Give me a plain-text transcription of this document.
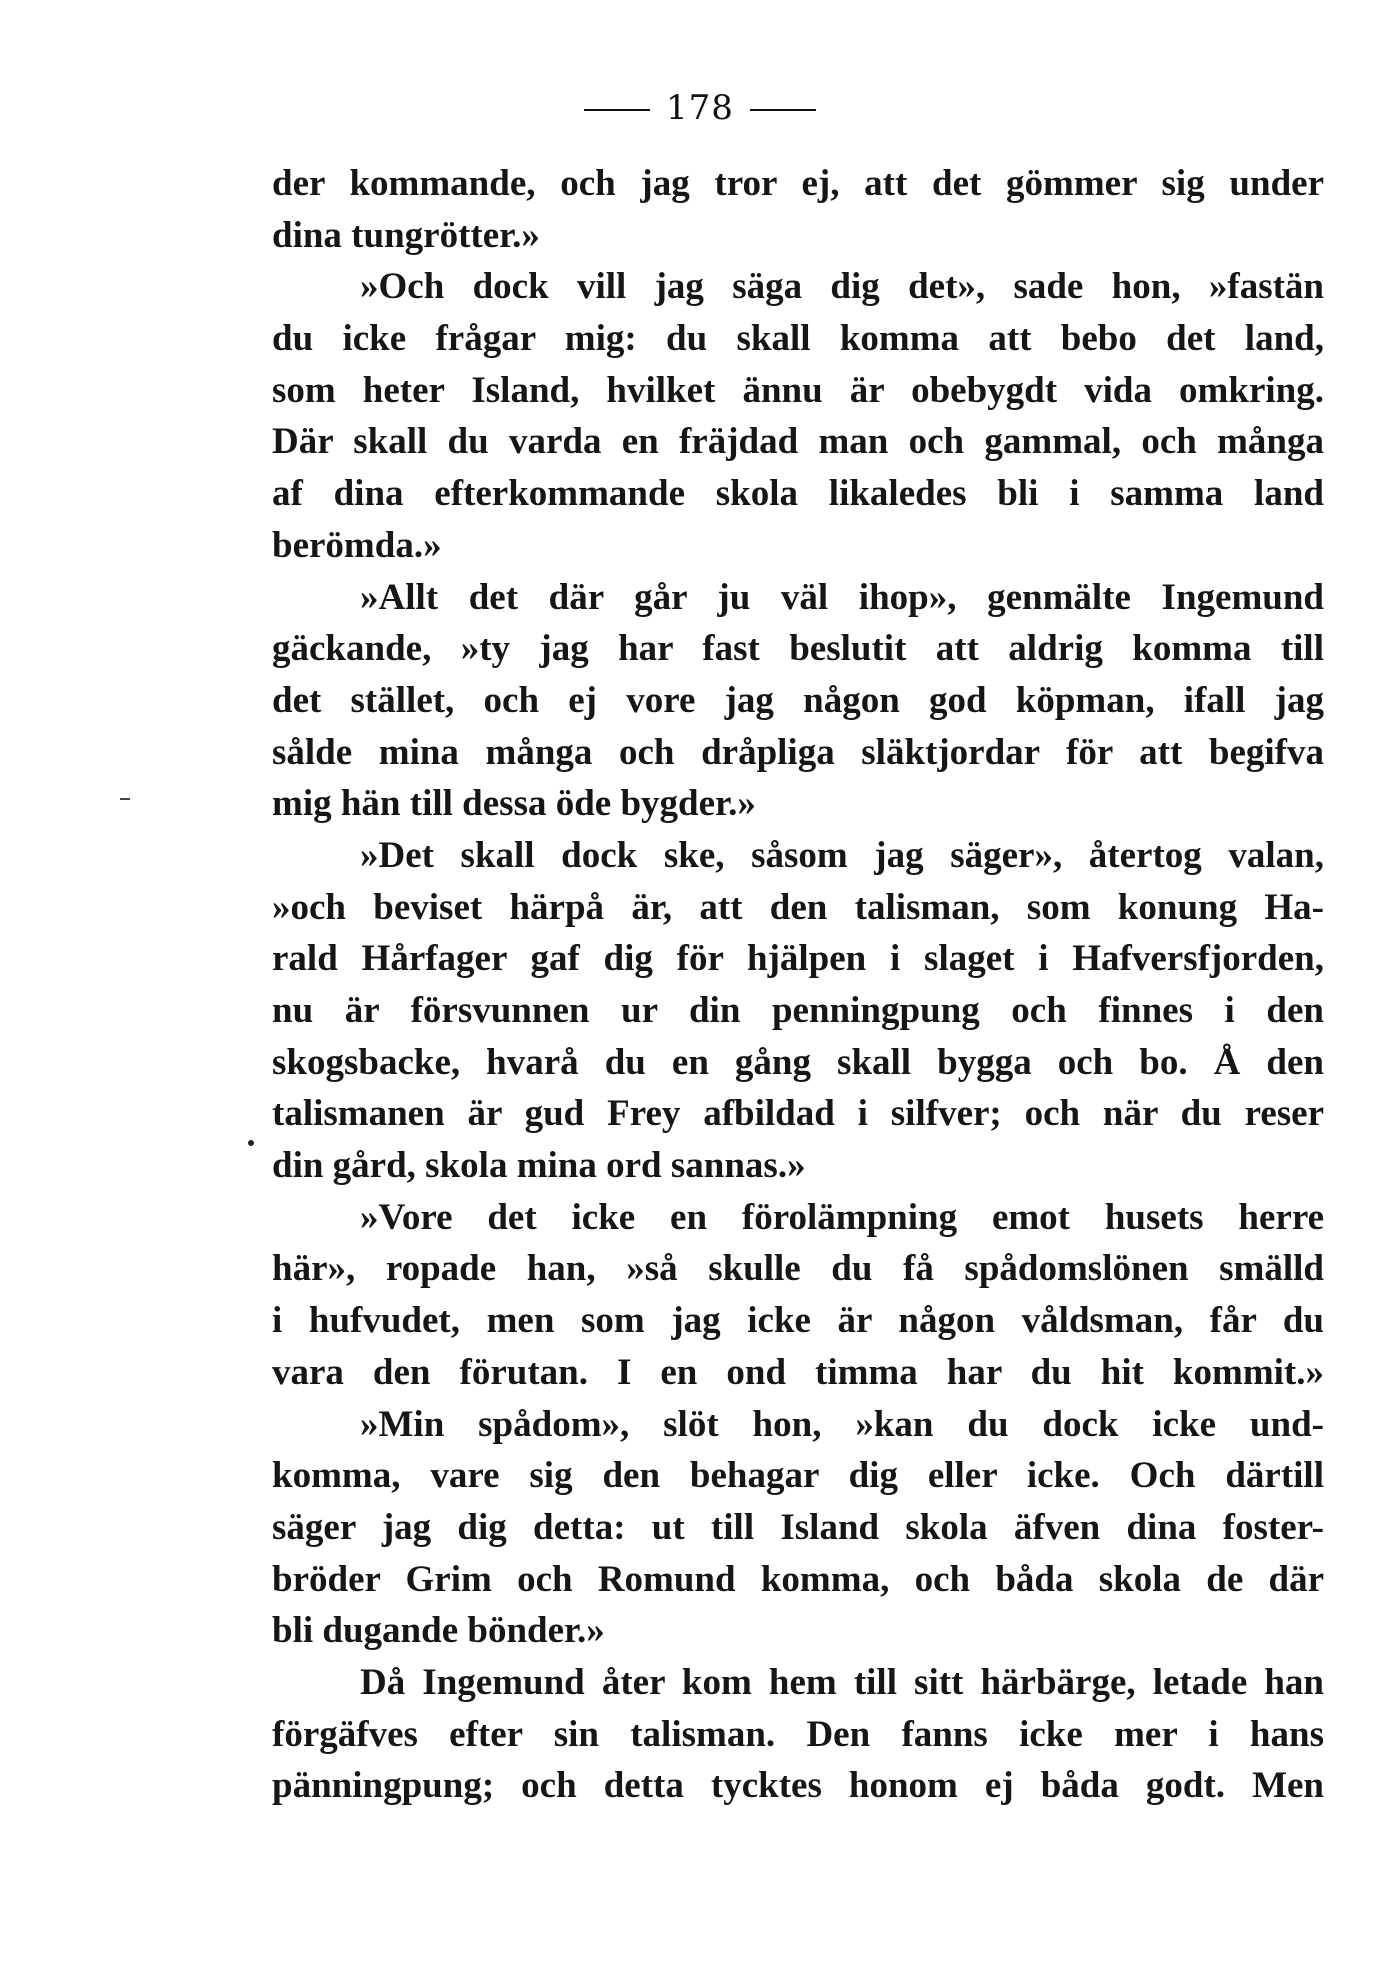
178
der kommande, och jag tror ej, att det gömmer sig under
dina tungrötter.»
»Och dock vill jag säga dig det», sade hon, »fastän
du icke frågar mig: du skall komma att bebo det land,
som heter Island, hvilket ännu är obebygdt vida omkring.
Där skall du varda en fräjdad man och gammal, och många
af dina efterkommande skola likaledes bli i samma land
berömda.»
»Allt det där går ju väl ihop», genmälte Ingemund
gäckande, »ty jag har fast beslutit att aldrig komma till
det stället, och ej vore jag någon god köpman, ifall jag
sålde mina många och dråpliga släktjordar för att begifva
mig hän till dessa öde bygder.»
»Det skall dock ske, såsom jag säger», återtog valan,
»och beviset härpå är, att den talisman, som konung Ha-
rald Hårfager gaf dig för hjälpen i slaget i Hafversfjorden,
nu är försvunnen ur din penningpung och finnes i den
skogsbacke, hvarå du en gång skall bygga och bo. Å den
talismanen är gud Frey afbildad i silfver; och när du reser
din gård, skola mina ord sannas.»
»Vore det icke en förolämpning emot husets herre
här», ropade han, »så skulle du få spådomslönen smälld
i hufvudet, men som jag icke är någon våldsman, får du
vara den förutan. I en ond timma har du hit kommit.»
»Min spådom», slöt hon, »kan du dock icke und-
komma, vare sig den behagar dig eller icke. Och därtill
säger jag dig detta: ut till Island skola äfven dina foster-
bröder Grim och Romund komma, och båda skola de där
bli dugande bönder.»
Då Ingemund åter kom hem till sitt härbärge, letade han
förgäfves efter sin talisman. Den fanns icke mer i hans
pänningpung; och detta tycktes honom ej båda godt. Men
